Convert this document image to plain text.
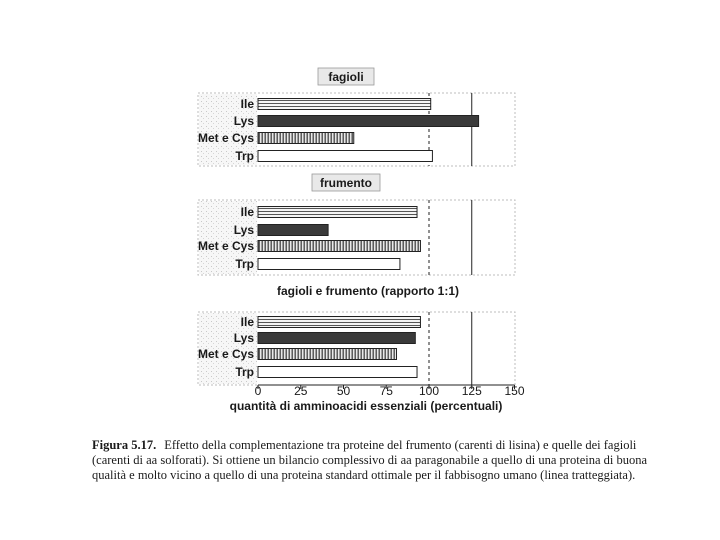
fagioli
Ile
Lys
Met e Cys
Trp
frumento
Ile
Lys
Met e Cys
Trp
fagioli e frumento (rapporto 1:1)
Ile
Lys
Met e Cys
Trp
0	25 50 75 100 125 150
quantità di amminoacidi essenziali (percentuali)
Figura 5.17. Effetto della complementazione tra proteine del frumento (carenti di lisina) e quelle dei fagioli (carenti di aa solforati). Si ottiene un bilancio complessivo di aa paragonabile a quello di una proteina di buona qualità e molto vicino a quello di una proteina standard ottimale per il fabbisogno umano (linea tratteggiata).
